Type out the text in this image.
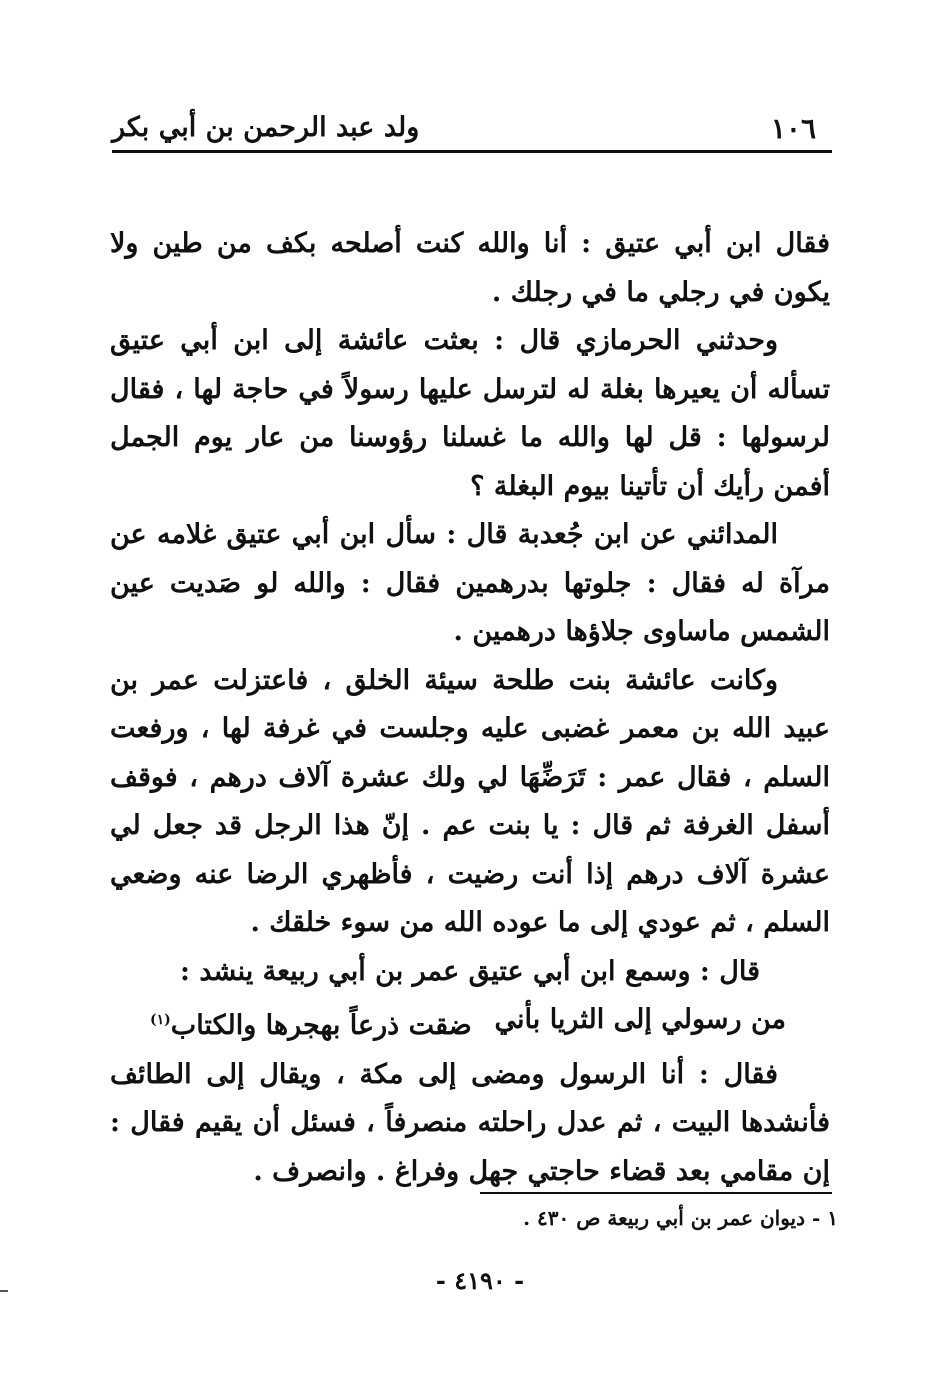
١٠٦
ولد عبد الرحمن بن أبي بكر

فقال ابن أبي عتيق : أنا والله كنت أصلحه بكف من طين ولا يكون في رجلي ما في رجلك .

وحدثني الحرمازي قال : بعثت عائشة إلى ابن أبي عتيق تسأله أن يعيرها بغلة له لترسل عليها رسولاً في حاجة لها ، فقال لرسولها : قل لها والله ما غسلنا رؤوسنا من عار يوم الجمل أفمن رأيك أن تأتينا بيوم البغلة ؟

المدائني عن ابن جُعدبة قال : سأل ابن أبي عتيق غلامه عن مرآة له فقال : جلوتها بدرهمين فقال : والله لو صَديت عين الشمس ماساوى جلاؤها درهمين .

وكانت عائشة بنت طلحة سيئة الخلق ، فاعتزلت عمر بن عبيد الله بن معمر غضبى عليه وجلست في غرفة لها ، ورفعت السلم ، فقال عمر : تَرَضِّهَا لي ولك عشرة آلاف درهم ، فوقف أسفل الغرفة ثم قال : يا بنت عم . إنّ هذا الرجل قد جعل لي عشرة آلاف درهم إذا أنت رضيت ، فأظهري الرضا عنه وضعي السلم ، ثم عودي إلى ما عوده الله من سوء خلقك .

قال : وسمع ابن أبي عتيق عمر بن أبي ربيعة ينشد :

من رسولي إلى الثريا بأني
ضقت ذرعاً بهجرها والكتاب$^{(١)}$

فقال : أنا الرسول ومضى إلى مكة ، ويقال إلى الطائف فأنشدها البيت ، ثم عدل راحلته منصرفاً ، فسئل أن يقيم فقال : إن مقامي بعد قضاء حاجتي جهل وفراغ . وانصرف .

١ - ديوان عمر بن أبي ربيعة ص ٤٣٠ .
- ٤١٩٠ -
